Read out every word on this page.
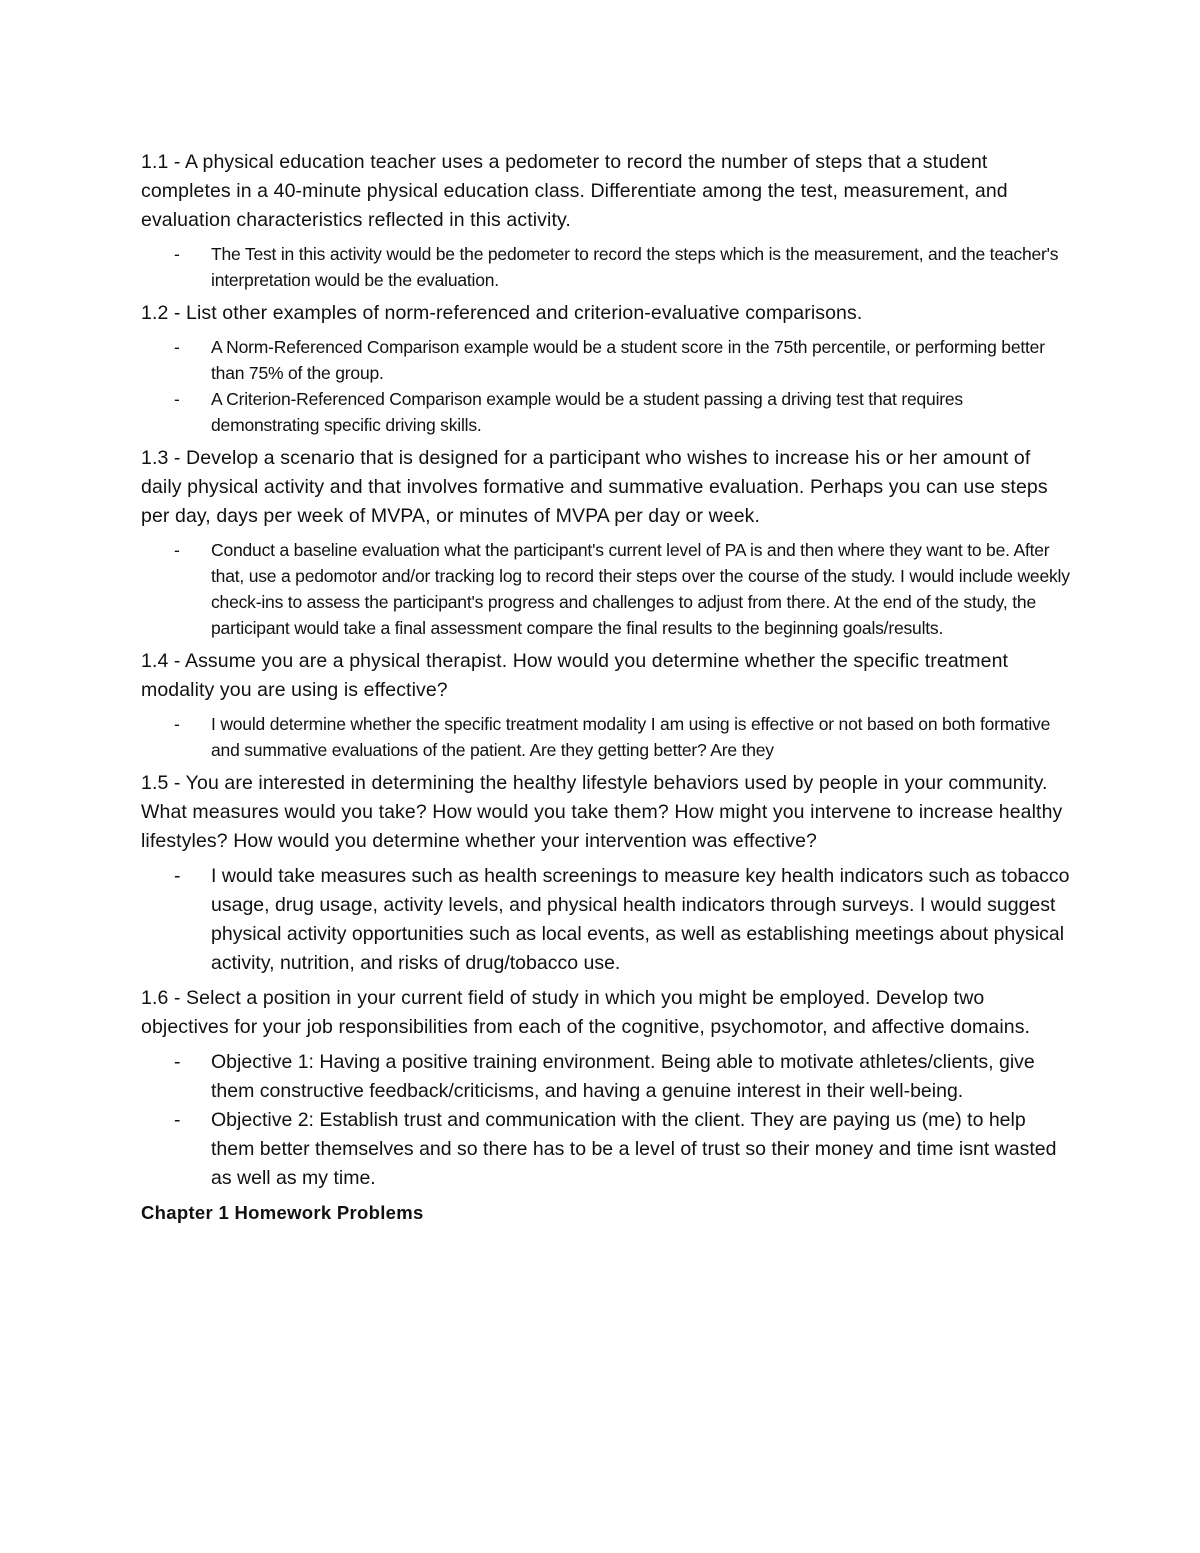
1.1 - A physical education teacher uses a pedometer to record the number of steps that a student completes in a 40-minute physical education class. Differentiate among the test, measurement, and evaluation characteristics reflected in this activity.

- The Test in this activity would be the pedometer to record the steps which is the measurement, and the teacher's interpretation would be the evaluation.

1.2 - List other examples of norm-referenced and criterion-evaluative comparisons.

- A Norm-Referenced Comparison example would be a student score in the 75th percentile, or performing better than 75% of the group.
- A Criterion-Referenced Comparison example would be a student passing a driving test that requires demonstrating specific driving skills.

1.3 - Develop a scenario that is designed for a participant who wishes to increase his or her amount of daily physical activity and that involves formative and summative evaluation. Perhaps you can use steps per day, days per week of MVPA, or minutes of MVPA per day or week.

- Conduct a baseline evaluation what the participant's current level of PA is and then where they want to be. After that, use a pedomotor and/or tracking log to record their steps over the course of the study. I would include weekly check-ins to assess the participant's progress and challenges to adjust from there. At the end of the study, the participant would take a final assessment compare the final results to the beginning goals/results.

1.4 - Assume you are a physical therapist. How would you determine whether the specific treatment modality you are using is effective?

- I would determine whether the specific treatment modality I am using is effective or not based on both formative and summative evaluations of the patient. Are they getting better? Are they

1.5 - You are interested in determining the healthy lifestyle behaviors used by people in your community. What measures would you take? How would you take them? How might you intervene to increase healthy lifestyles? How would you determine whether your intervention was effective?

- I would take measures such as health screenings to measure key health indicators such as tobacco usage, drug usage, activity levels, and physical health indicators through surveys. I would suggest physical activity opportunities such as local events, as well as establishing meetings about physical activity, nutrition, and risks of drug/tobacco use.

1.6 - Select a position in your current field of study in which you might be employed. Develop two objectives for your job responsibilities from each of the cognitive, psychomotor, and affective domains.

- Objective 1: Having a positive training environment. Being able to motivate athletes/clients, give them constructive feedback/criticisms, and having a genuine interest in their well-being.
- Objective 2: Establish trust and communication with the client. They are paying us (me) to help them better themselves and so there has to be a level of trust so their money and time isnt wasted as well as my time.
Chapter 1 Homework Problems
